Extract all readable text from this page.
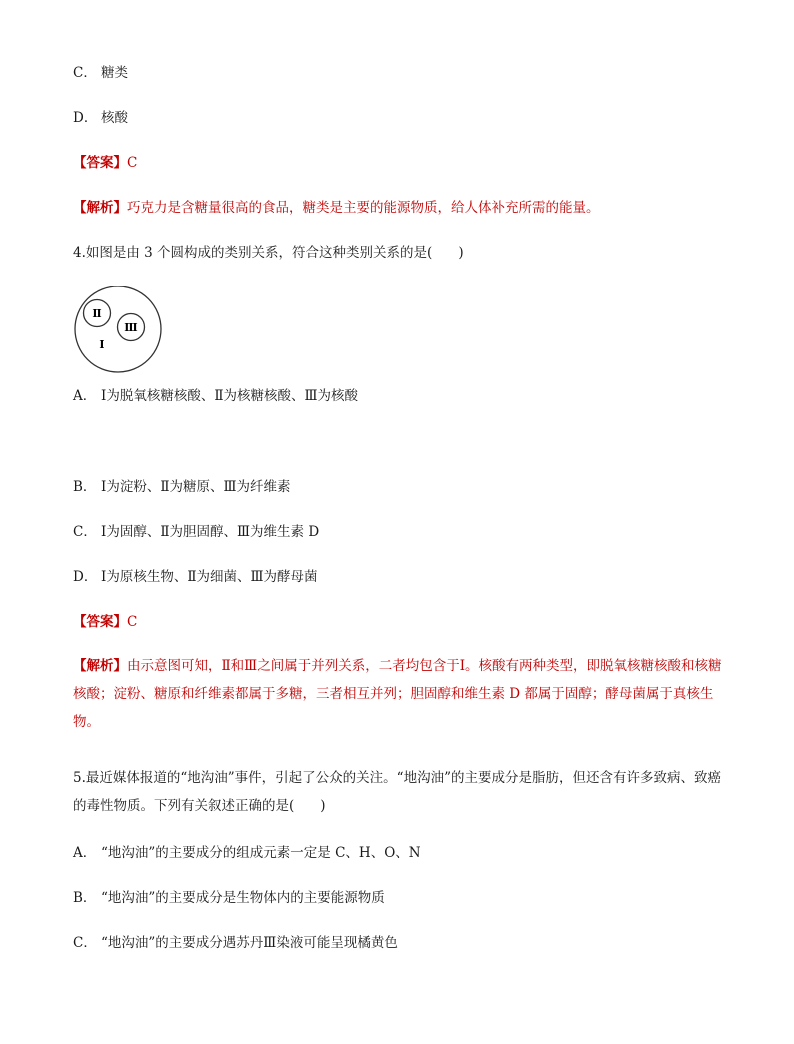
C． 糖类
D． 核酸
【答案】C
【解析】巧克力是含糖量很高的食品，糖类是主要的能源物质，给人体补充所需的能量。
4.如图是由 3 个圆构成的类别关系，符合这种类别关系的是( )
Ⅱ
Ⅲ
Ⅰ
A． Ⅰ为脱氧核糖核酸、Ⅱ为核糖核酸、Ⅲ为核酸
B． Ⅰ为淀粉、Ⅱ为糖原、Ⅲ为纤维素
C． Ⅰ为固醇、Ⅱ为胆固醇、Ⅲ为维生素 D
D． Ⅰ为原核生物、Ⅱ为细菌、Ⅲ为酵母菌
【答案】C
【解析】由示意图可知，Ⅱ和Ⅲ之间属于并列关系，二者均包含于Ⅰ。核酸有两种类型，即脱氧核糖核酸和核糖核酸；淀粉、糖原和纤维素都属于多糖，三者相互并列；胆固醇和维生素 D 都属于固醇；酵母菌属于真核生物。
5.最近媒体报道的“地沟油”事件，引起了公众的关注。“地沟油”的主要成分是脂肪，但还含有许多致病、致癌的毒性物质。下列有关叙述正确的是( )
A． “地沟油”的主要成分的组成元素一定是 C、H、O、N
B． “地沟油”的主要成分是生物体内的主要能源物质
C． “地沟油”的主要成分遇苏丹Ⅲ染液可能呈现橘黄色
